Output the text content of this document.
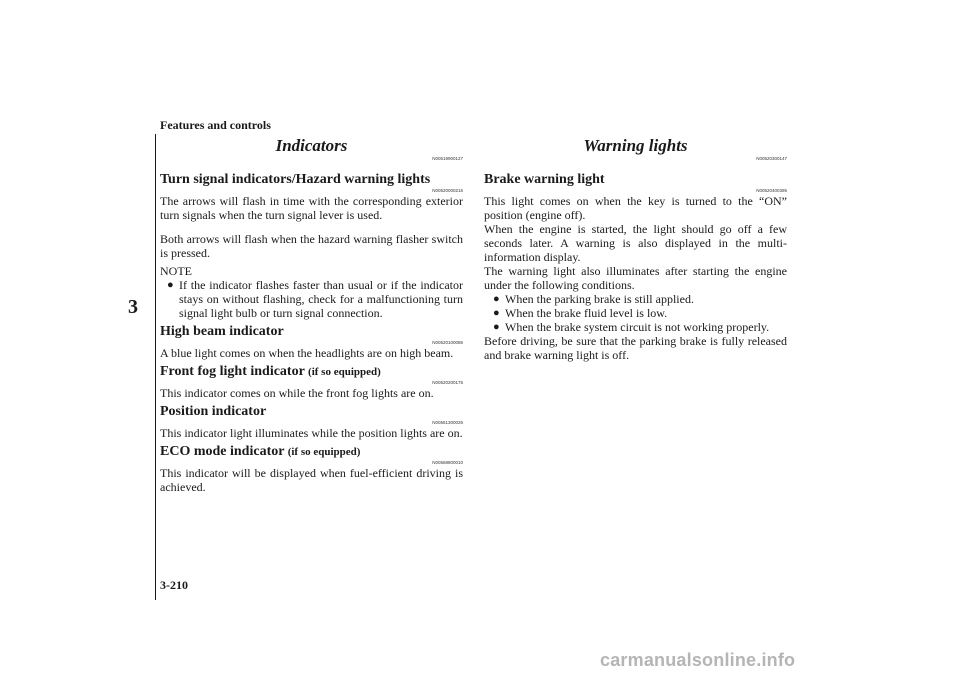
Features and controls
3
Indicators
N00519900127
Turn signal indicators/Hazard warning lights
N00520000216

The arrows will flash in time with the corresponding exterior turn signals when the turn signal lever is used.

Both arrows will flash when the hazard warning flasher switch is pressed.

NOTE

● If the indicator flashes faster than usual or if the indicator stays on without flashing, check for a malfunctioning turn signal light bulb or turn signal connection.
High beam indicator
N00520100086

A blue light comes on when the headlights are on high beam.

Front fog light indicator (if so equipped)
N00520200175

This indicator comes on while the front fog lights are on.

Position indicator
N00551300026

This indicator light illuminates while the position lights are on.

ECO mode indicator (if so equipped)
N00568800010

This indicator will be displayed when fuel-efficient driving is achieved.

Warning lights
N00520300147
Brake warning light
N00520400395

This light comes on when the key is turned to the “ON” position (engine off).

When the engine is started, the light should go off a few seconds later. A warning is also displayed in the multi-information display.

The warning light also illuminates after starting the engine under the following conditions.

● When the parking brake is still applied.
● When the brake fluid level is low.
● When the brake system circuit is not working properly.

Before driving, be sure that the parking brake is fully released and brake warning light is off.

3-210
carmanualsonline.info
